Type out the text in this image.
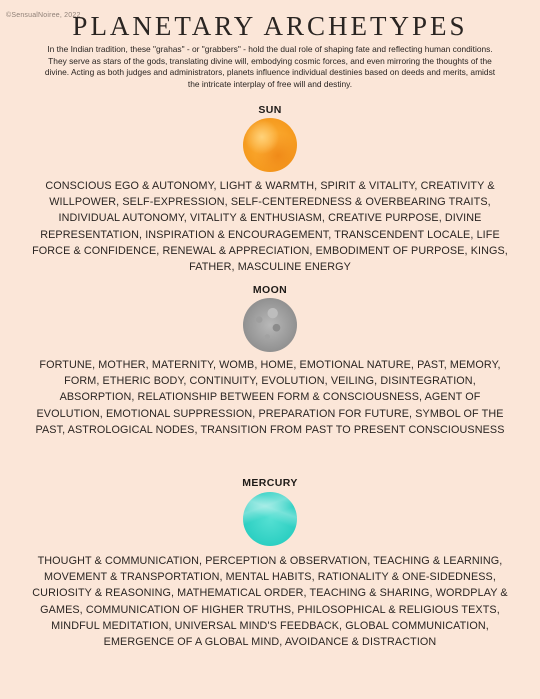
©SensualNoiree, 2022
PLANETARY ARCHETYPES

In the Indian tradition, these "grahas" - or "grabbers" - hold the dual role of shaping fate and reflecting human conditions. They serve as stars of the gods, translating divine will, embodying cosmic forces, and even mirroring the thoughts of the divine. Acting as both judges and administrators, planets influence individual destinies based on deeds and merits, amidst the intricate interplay of free will and destiny.

SUN

CONSCIOUS EGO & AUTONOMY, LIGHT & WARMTH, SPIRIT & VITALITY, CREATIVITY & WILLPOWER, SELF-EXPRESSION, SELF-CENTEREDNESS & OVERBEARING TRAITS, INDIVIDUAL AUTONOMY, VITALITY & ENTHUSIASM, CREATIVE PURPOSE, DIVINE REPRESENTATION, INSPIRATION & ENCOURAGEMENT, TRANSCENDENT LOCALE, LIFE FORCE & CONFIDENCE, RENEWAL & APPRECIATION, EMBODIMENT OF PURPOSE, KINGS, FATHER, MASCULINE ENERGY

MOON

FORTUNE, MOTHER, MATERNITY, WOMB, HOME, EMOTIONAL NATURE, PAST, MEMORY, FORM, ETHERIC BODY, CONTINUITY, EVOLUTION, VEILING, DISINTEGRATION, ABSORPTION, RELATIONSHIP BETWEEN FORM & CONSCIOUSNESS, AGENT OF EVOLUTION, EMOTIONAL SUPPRESSION, PREPARATION FOR FUTURE, SYMBOL OF THE PAST, ASTROLOGICAL NODES, TRANSITION FROM PAST TO PRESENT CONSCIOUSNESS

MERCURY

THOUGHT & COMMUNICATION, PERCEPTION & OBSERVATION, TEACHING & LEARNING, MOVEMENT & TRANSPORTATION, MENTAL HABITS, RATIONALITY & ONE-SIDEDNESS, CURIOSITY & REASONING, MATHEMATICAL ORDER, TEACHING & SHARING, WORDPLAY & GAMES, COMMUNICATION OF HIGHER TRUTHS, PHILOSOPHICAL & RELIGIOUS TEXTS, MINDFUL MEDITATION, UNIVERSAL MIND'S FEEDBACK, GLOBAL COMMUNICATION, EMERGENCE OF A GLOBAL MIND, AVOIDANCE & DISTRACTION
